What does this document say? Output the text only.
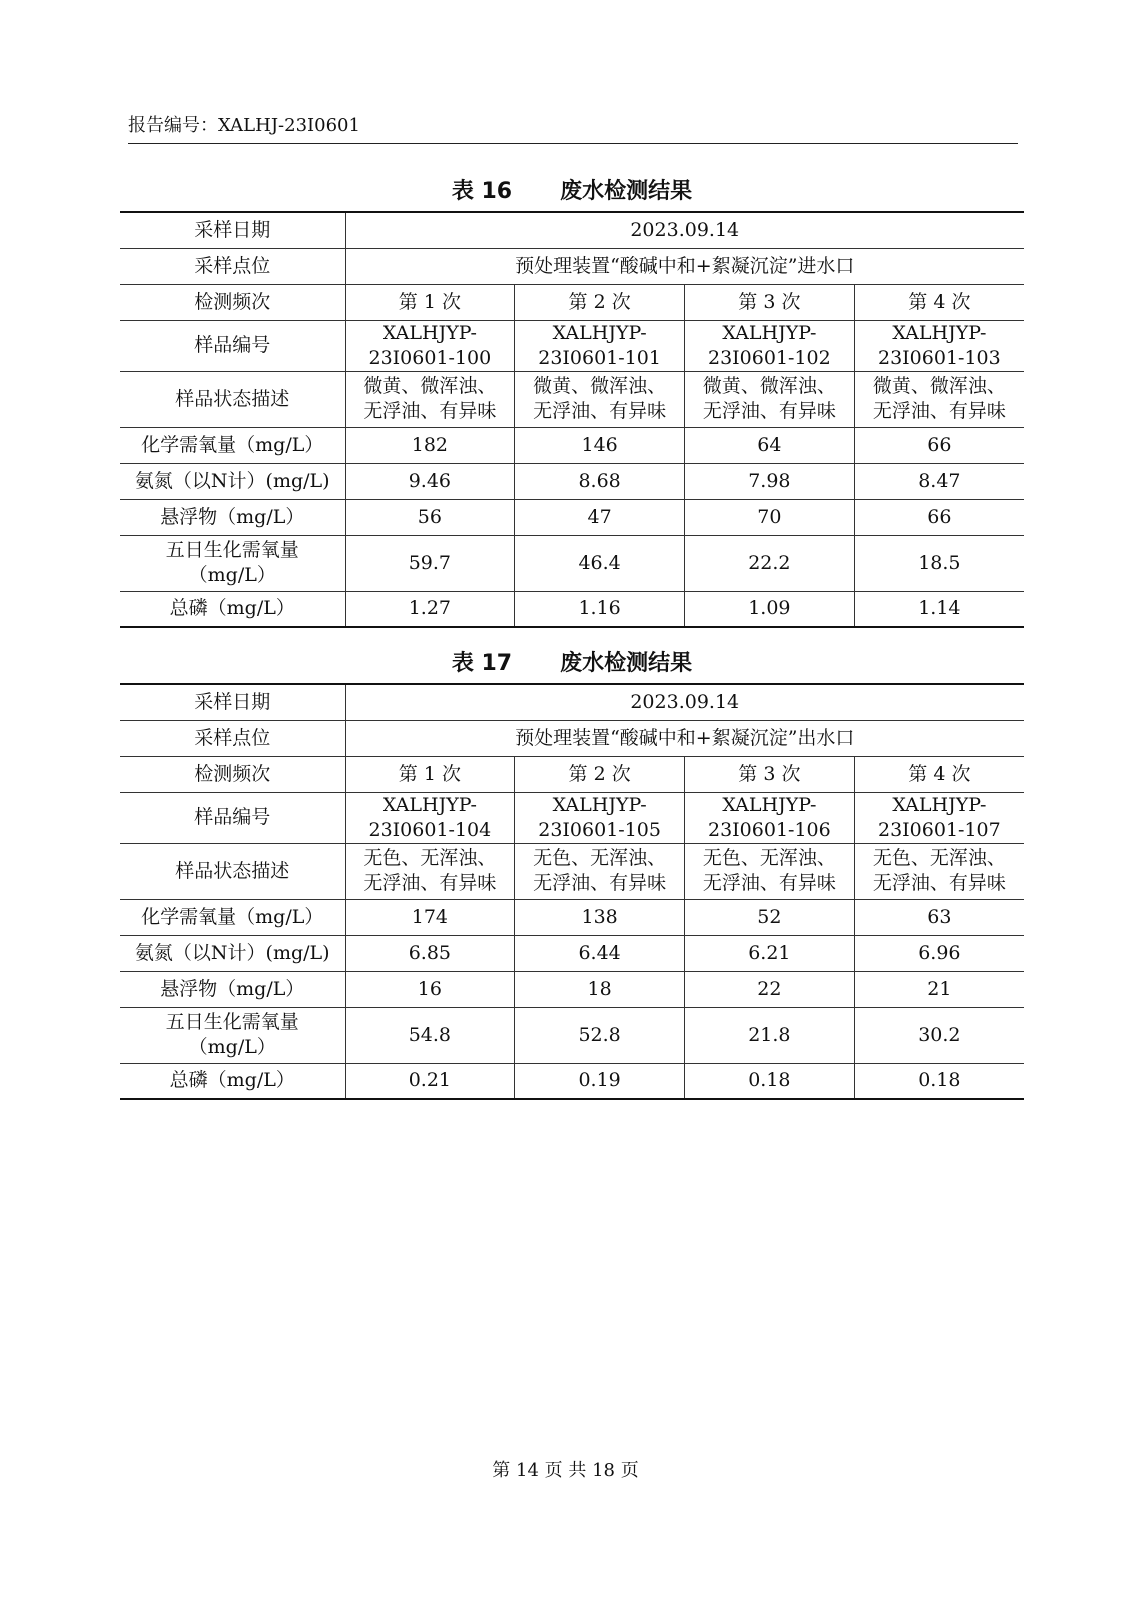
报告编号：XALHJ-23I0601
表 16 废水检测结果
采样日期	2023.09.14			
采样点位	预处理装置“酸碱中和+絮凝沉淀”进水口			
检测频次	第 1 次	第 2 次	第 3 次	第 4 次
样品编号	XALHJYP-
23I0601-100	XALHJYP-
23I0601-101	XALHJYP-
23I0601-102	XALHJYP-
23I0601-103

样品状态描述	微黄、微浑浊、
无浮油、有异味	微黄、微浑浊、
无浮油、有异味	微黄、微浑浊、
无浮油、有异味	微黄、微浑浊、
无浮油、有异味

化学需氧量（mg/L）	182	146	64	66
氨氮（以N计）(mg/L)	9.46	8.68	7.98	8.47
悬浮物（mg/L）	56	47	70	66

五日生化需氧量
（mg/L）	59.7	46.4	22.2	18.5
总磷（mg/L）	1.27	1.16	1.09	1.14
表 17 废水检测结果
采样日期	2023.09.14			
采样点位	预处理装置“酸碱中和+絮凝沉淀”出水口			
检测频次	第 1 次	第 2 次	第 3 次	第 4 次
样品编号	XALHJYP-
23I0601-104	XALHJYP-
23I0601-105	XALHJYP-
23I0601-106	XALHJYP-
23I0601-107

样品状态描述	无色、无浑浊、
无浮油、有异味	无色、无浑浊、
无浮油、有异味	无色、无浑浊、
无浮油、有异味	无色、无浑浊、
无浮油、有异味

化学需氧量（mg/L）	174	138	52	63
氨氮（以N计）(mg/L)	6.85	6.44	6.21	6.96
悬浮物（mg/L）	16	18	22	21

五日生化需氧量
（mg/L）	54.8	52.8	21.8	30.2
总磷（mg/L）	0.21	0.19	0.18	0.18
第 14 页 共 18 页
